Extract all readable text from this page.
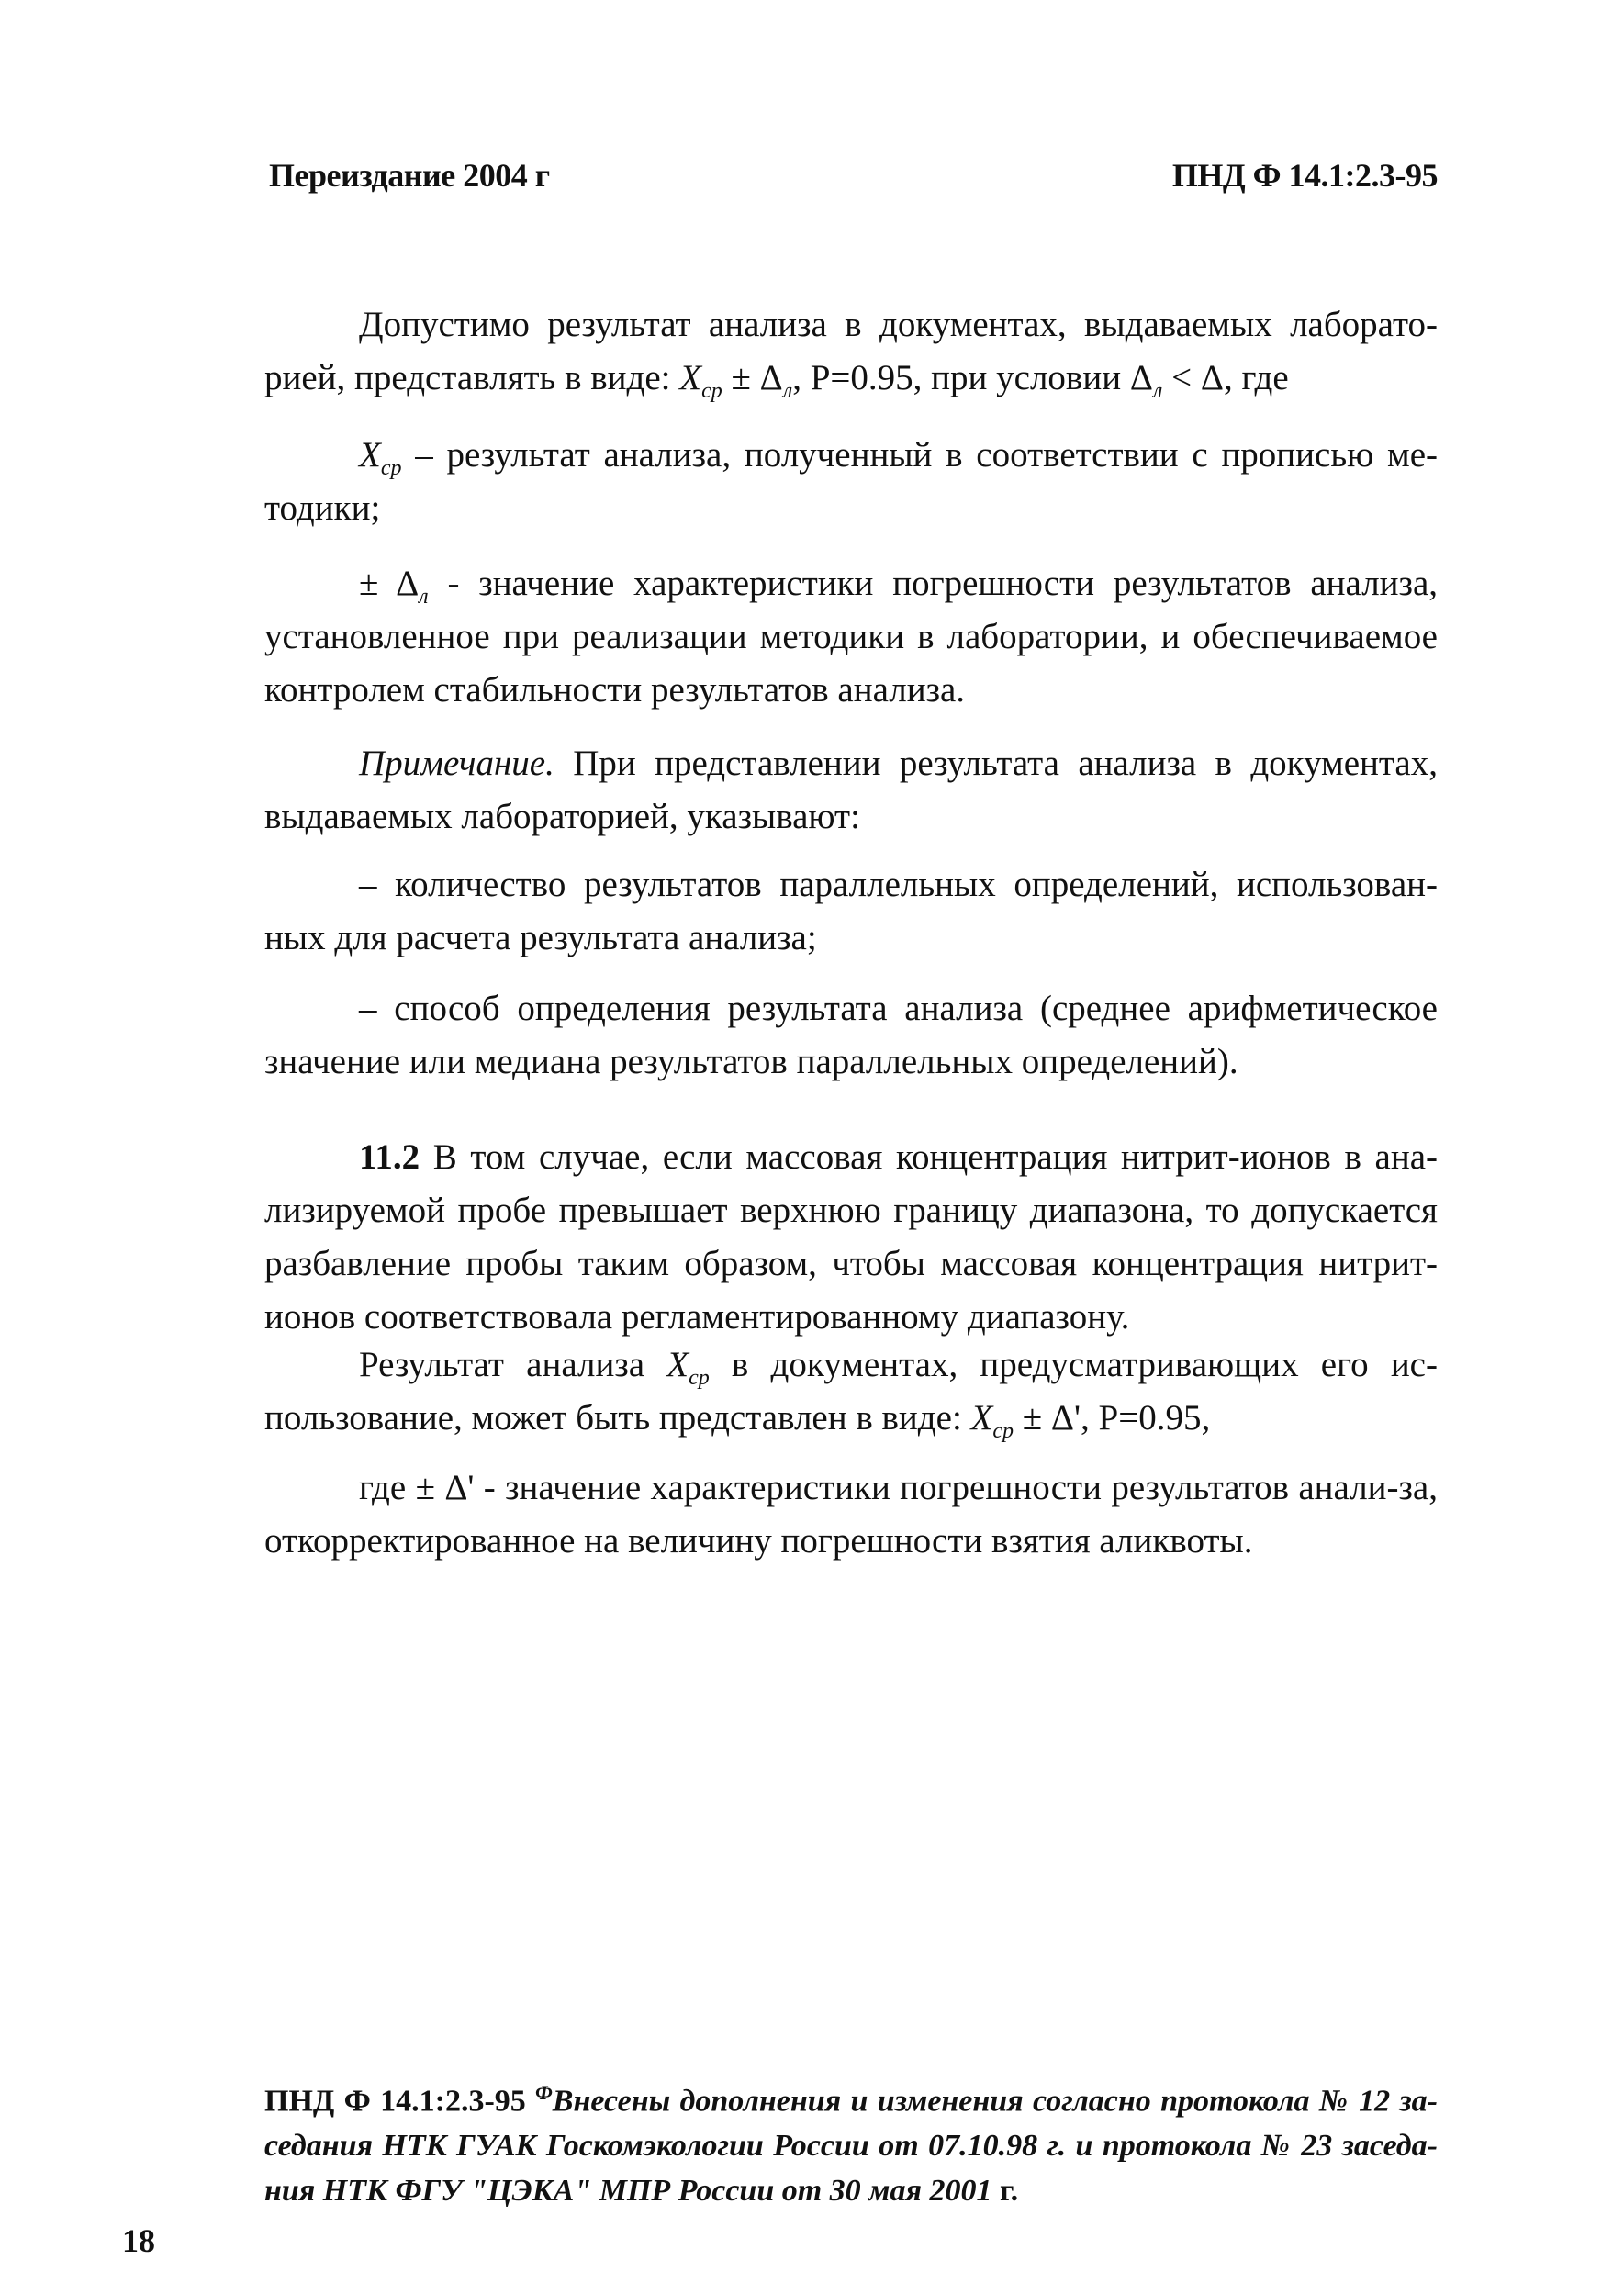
Переиздание 2004 г	ПНД Ф 14.1:2.3-95
Допустимо результат анализа в документах, выдаваемых лаборато-рией, представлять в виде: $X_{ср} \pm \Delta_л$, Р=0.95, при условии $\Delta_л < \Delta$, где
$X_{ср}$ – результат анализа, полученный в соответствии с прописью ме-тодики;
± $\Delta_л$ - значение характеристики погрешности результатов анализа, установленное при реализации методики в лаборатории, и обеспечиваемое контролем стабильности результатов анализа.
Примечание. При представлении результата анализа в документах, выдаваемых лабораторией, указывают:
– количество результатов параллельных определений, использован-ных для расчета результата анализа;
– способ определения результата анализа (среднее арифметическое значение или медиана результатов параллельных определений).
11.2 В том случае, если массовая концентрация нитрит-ионов в ана-лизируемой пробе превышает верхнюю границу диапазона, то допускается разбавление пробы таким образом, чтобы массовая концентрация нитрит-ионов соответствовала регламентированному диапазону.
Результат анализа $X_{ср}$ в документах, предусматривающих его ис-пользование, может быть представлен в виде: $X_{ср} \pm \Delta'$, Р=0.95,
где ± Δ' - значение характеристики погрешности результатов анали-за, откорректированное на величину погрешности взятия аликвоты.
ПНД Ф 14.1:2.3-95 $^Ф$Внесены дополнения и изменения согласно протокола № 12 за-седания НТК ГУАК Госкомэкологии России от 07.10.98 г. и протокола № 23 заседа-ния НТК ФГУ "ЦЭКА" МПР России от 30 мая 2001 г.
18
